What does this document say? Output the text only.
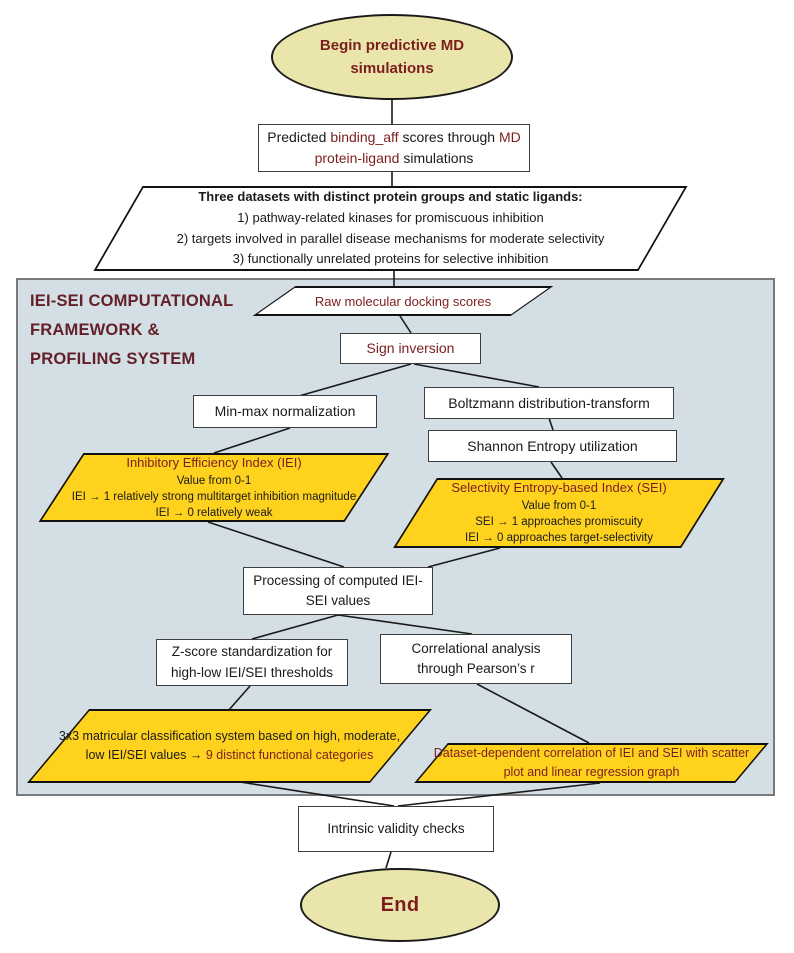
IEI-SEI COMPUTATIONAL
FRAMEWORK &
PROFILING SYSTEM
Begin predictive MD simulations
Predicted binding_aff scores through MD protein-ligand simulations
Three datasets with distinct protein groups and static ligands:
1) pathway-related kinases for promiscuous inhibition
2) targets involved in parallel disease mechanisms for moderate selectivity
3) functionally unrelated proteins for selective inhibition
Raw molecular docking scores
Sign inversion
Min-max normalization
Boltzmann distribution-transform
Shannon Entropy utilization
Inhibitory Efficiency Index (IEI)
Value from 0-1
IEI → 1 relatively strong multitarget inhibition magnitude
IEI → 0 relatively weak
Selectivity Entropy-based Index (SEI)
Value from 0-1
SEI → 1 approaches promiscuity
IEI → 0 approaches target-selectivity
Processing of computed IEI-SEI values
Z-score standardization for high-low IEI/SEI thresholds
Correlational analysis through Pearson’s r
3x3 matricular classification system based on high, moderate, low IEI/SEI values → 9 distinct functional categories	Dataset-dependent correlation of IEI and SEI with scatter plot and linear regression graph
Intrinsic validity checks
End
